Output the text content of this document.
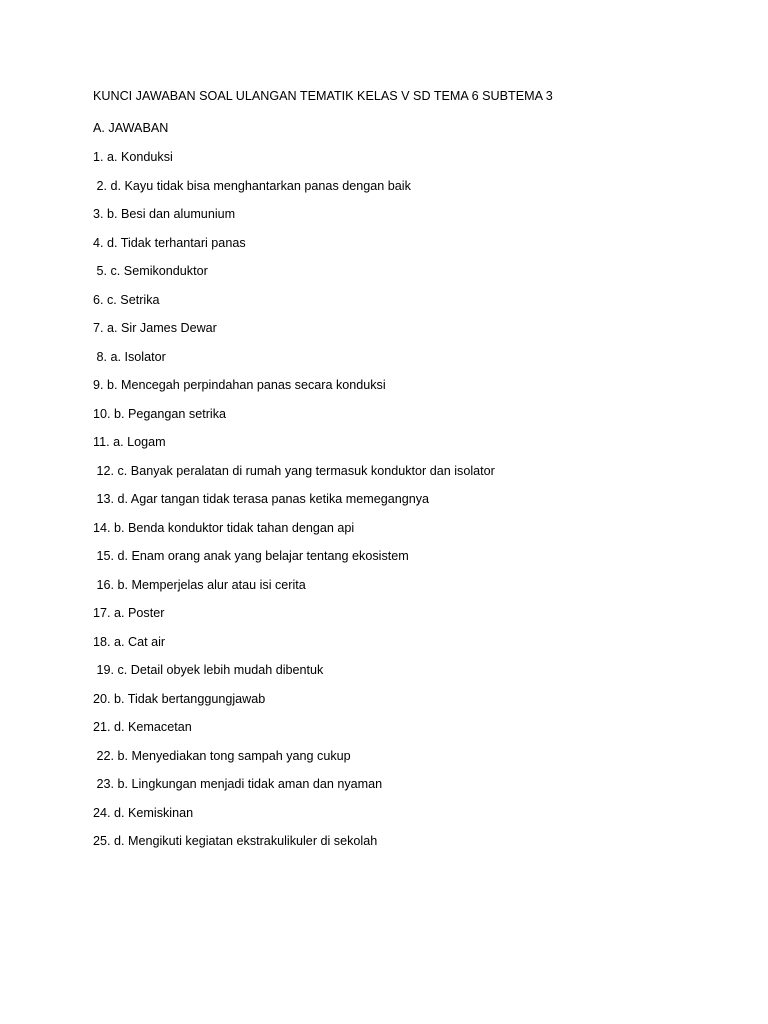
KUNCI JAWABAN SOAL ULANGAN TEMATIK KELAS V SD TEMA 6 SUBTEMA 3
A. JAWABAN
1. a. Konduksi
2. d. Kayu tidak bisa menghantarkan panas dengan baik
3. b. Besi dan alumunium
4. d. Tidak terhantari panas
5. c. Semikonduktor
6. c. Setrika
7. a. Sir James Dewar
8. a. Isolator
9. b. Mencegah perpindahan panas secara konduksi
10. b. Pegangan setrika
11. a. Logam
12. c. Banyak peralatan di rumah yang termasuk konduktor dan isolator
13. d. Agar tangan tidak terasa panas ketika memegangnya
14. b. Benda konduktor tidak tahan dengan api
15. d. Enam orang anak yang belajar tentang ekosistem
16. b. Memperjelas alur atau isi cerita
17. a. Poster
18. a. Cat air
19. c. Detail obyek lebih mudah dibentuk
20. b. Tidak bertanggungjawab
21. d. Kemacetan
22. b. Menyediakan tong sampah yang cukup
23. b. Lingkungan menjadi tidak aman dan nyaman
24. d. Kemiskinan
25. d. Mengikuti kegiatan ekstrakulikuler di sekolah
